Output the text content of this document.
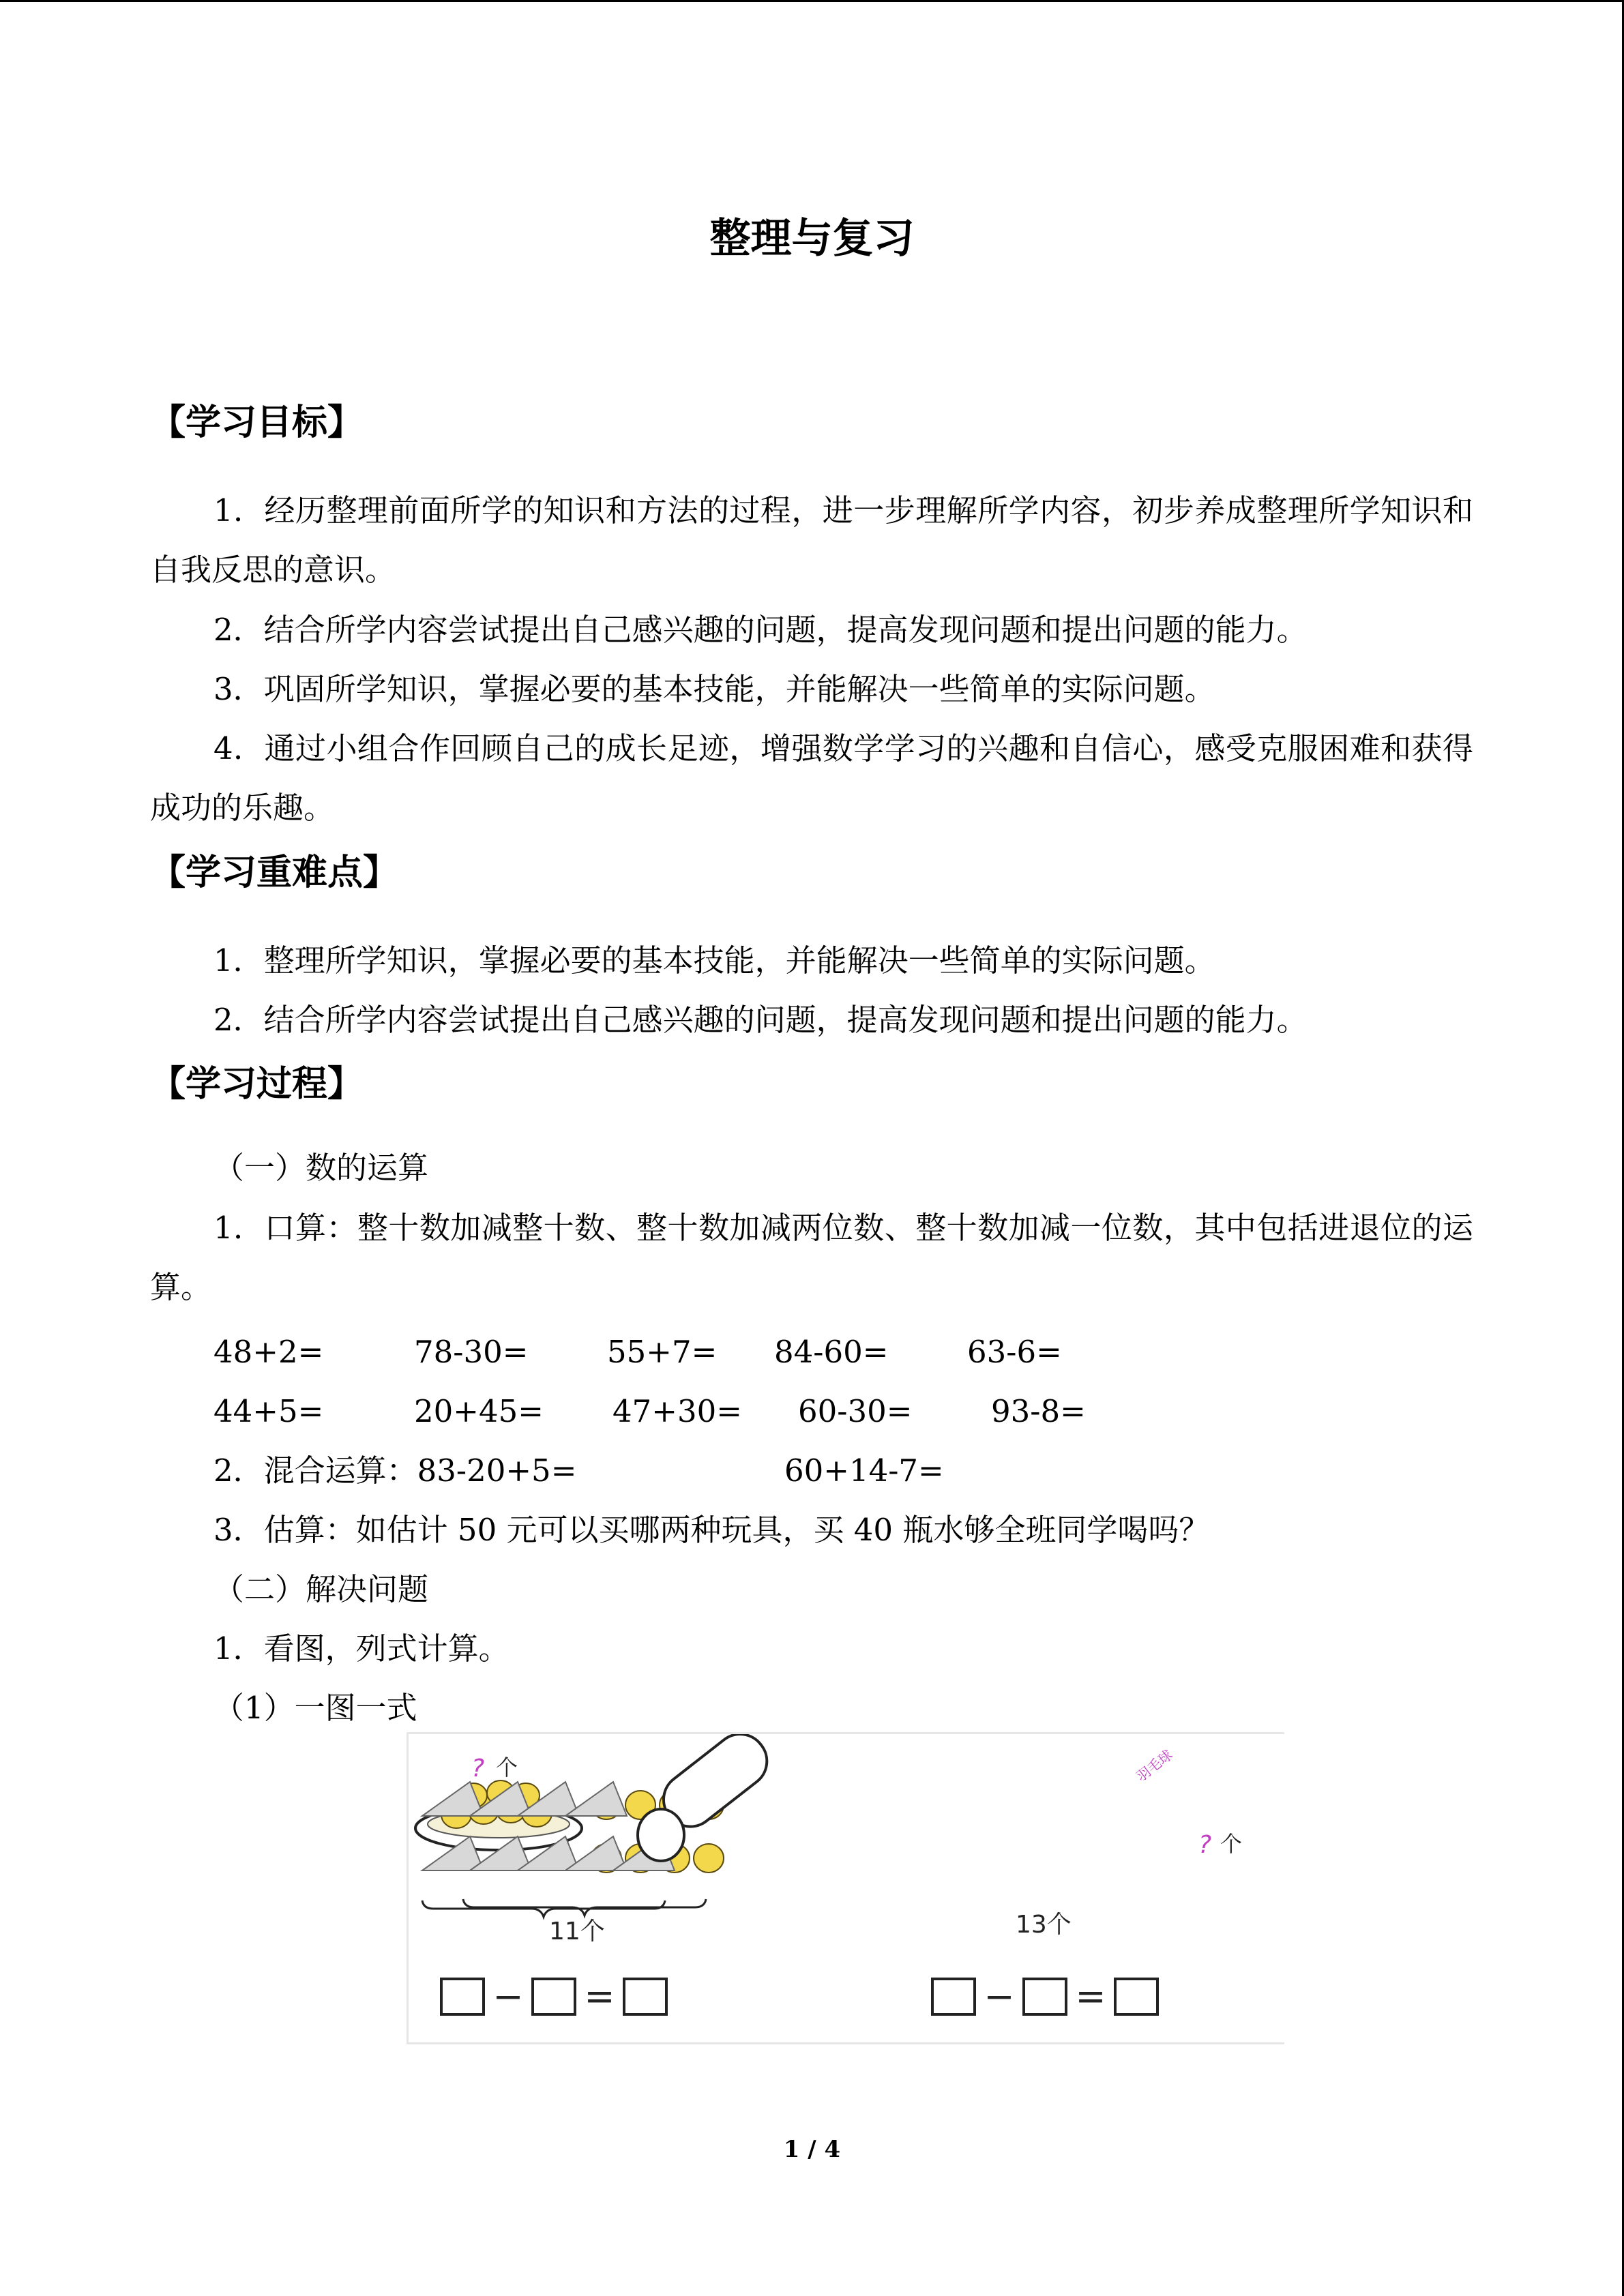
整理与复习
【学习目标】
1．经历整理前面所学的知识和方法的过程，进一步理解所学内容，初步养成整理所学知识和自我反思的意识。
2．结合所学内容尝试提出自己感兴趣的问题，提高发现问题和提出问题的能力。
3．巩固所学知识，掌握必要的基本技能，并能解决一些简单的实际问题。
4．通过小组合作回顾自己的成长足迹，增强数学学习的兴趣和自信心，感受克服困难和获得成功的乐趣。
【学习重难点】
1．整理所学知识，掌握必要的基本技能，并能解决一些简单的实际问题。
2．结合所学内容尝试提出自己感兴趣的问题，提高发现问题和提出问题的能力。
【学习过程】
（一）数的运算
1．口算：整十数加减整十数、整十数加减两位数、整十数加减一位数，其中包括进退位的运算。
48+2=	78-30=	55+7= 84-60=	63-6=
44+5=	20+45= 47+30= 60-30=	93-8=
2．混合运算：83-20+5=	60+14-7=
3．估算：如估计 50 元可以买哪两种玩具，买 40 瓶水够全班同学喝吗？
（二）解决问题
1．看图，列式计算。
（1）一图一式
? 个
11个
− =
? 个
13个
− =
羽毛球
1 / 4
